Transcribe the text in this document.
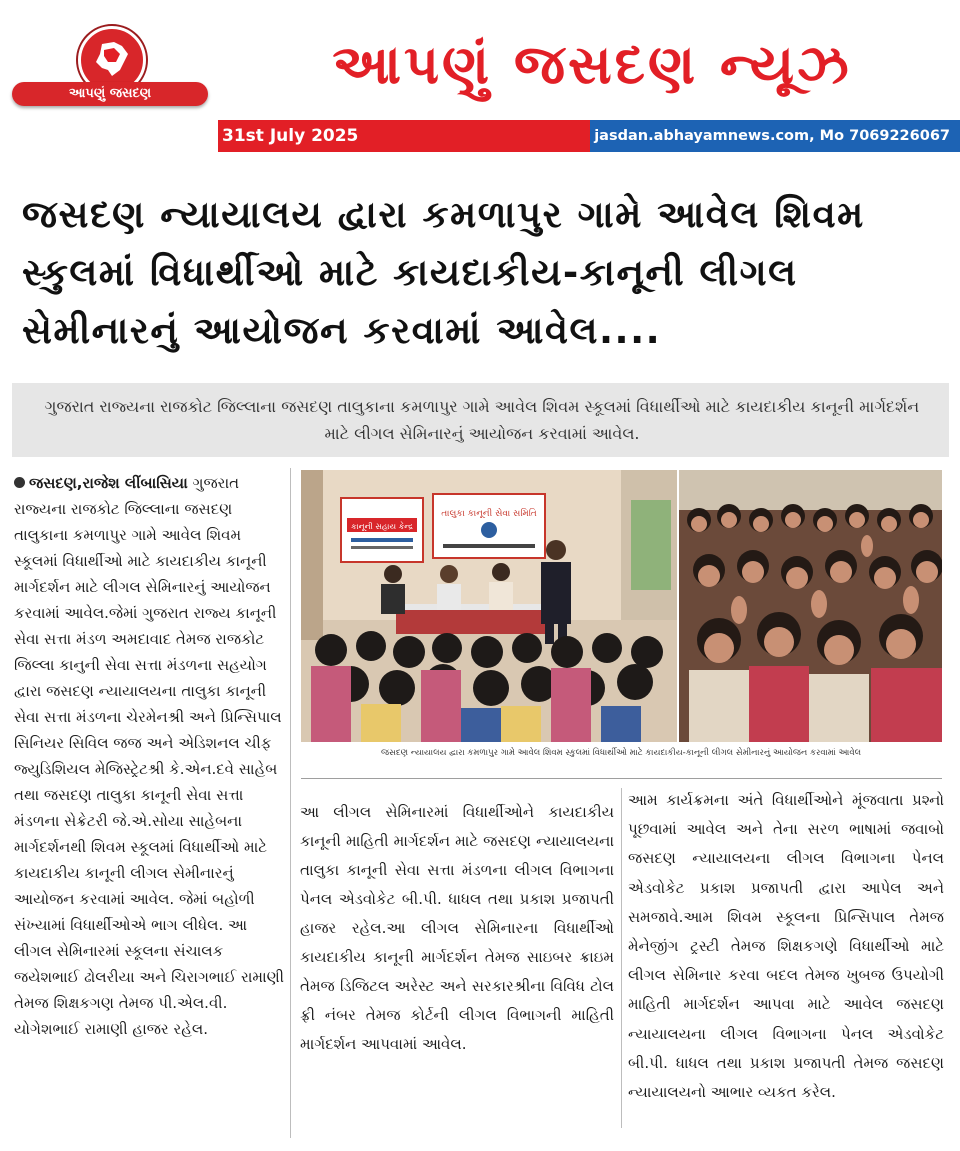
આપણું જસદણ	આપણું જસદણ ન્યૂઝ
31st July 2025	jasdan.abhayamnews.com, Mo 7069226067
જસદણ ન્યાયાલય દ્વારા કમળાપુર ગામે આવેલ શિવમ સ્કુલમાં વિધાર્થીઓ માટે કાયદાકીય-કાનૂની લીગલ સેમીનારનું આયોજન કરવામાં આવેલ....
ગુજરાત રાજ્યના રાજકોટ જિલ્લાના જસદણ તાલુકાના કમળાપુર ગામે આવેલ શિવમ સ્કૂલમાં વિધાર્થીઓ માટે કાયદાકીય કાનૂની માર્ગદર્શન માટે લીગલ સેમિનારનું આયોજન કરવામાં આવેલ.
જસદણ,રાજેશ લીંબાસિયા ગુજરાત રાજ્યના રાજકોટ જિલ્લાના જસદણ તાલુકાના કમળાપુર ગામે આવેલ શિવમ સ્કૂલમાં વિધાર્થીઓ માટે કાયદાકીય કાનૂની માર્ગદર્શન માટે લીગલ સેમિનારનું આયોજન કરવામાં આવેલ.જેમાં ગુજરાત રાજ્ય કાનૂની સેવા સત્તા મંડળ અમદાવાદ તેમજ રાજકોટ જિલ્લા કાનુની સેવા સત્તા મંડળના સહયોગ દ્વારા જસદણ ન્યાયાલયના તાલુકા કાનૂની સેવા સત્તા મંડળના ચેરમેનશ્રી અને પ્રિન્સિપાલ સિનિયર સિવિલ જજ અને એડિશનલ ચીફ જ્યુડિશિયલ મેજિસ્ટ્રેટશ્રી કે.એન.દવે સાહેબ તથા જસદણ તાલુકા કાનૂની સેવા સત્તા મંડળના સેક્રેટરી જે.એ.સોયા સાહેબના માર્ગદર્શનથી શિવમ સ્કૂલમાં વિધાર્થીઓ માટે કાયદાકીય કાનૂની લીગલ સેમીનારનું આયોજન કરવામાં આવેલ. જેમાં બહોળી સંખ્યામાં વિધાર્થીઓએ ભાગ લીધેલ. આ લીગલ સેમિનારમાં સ્કૂલના સંચાલક જયેશભાઈ ઢોલરીયા અને ચિરાગભાઈ રામાણી તેમજ શિક્ષકગણ તેમજ પી.એલ.વી. યોગેશભાઈ રામાણી હાજર રહેલ.
કાનૂની સહાય કેન્દ્ર
તાલુકા કાનૂની સેવા સમિતિ
જસદણ ન્યાયાલય દ્વારા કમળાપુર ગામે આવેલ શિવમ સ્કુલમાં વિધાર્થીઓ માટે કાયદાકીય-કાનૂની લીગલ સેમીનારનું આયોજન કરવામાં આવેલ
આ લીગલ સેમિનારમાં વિધાર્થીઓને કાયદાકીય કાનૂની માહિતી માર્ગદર્શન માટે જસદણ ન્યાયાલયના તાલુકા કાનૂની સેવા સત્તા મંડળના લીગલ વિભાગના પેનલ એડવોકેટ બી.પી. ધાધલ તથા પ્રકાશ પ્રજાપતી હાજર રહેલ.આ લીગલ સેમિનારના વિધાર્થીઓ કાયદાકીય કાનૂની માર્ગદર્શન તેમજ સાઇબર ક્રાઇમ તેમજ ડિજિટલ અરેસ્ટ અને સરકારશ્રીના વિવિધ ટોલ ફ્રી નંબર તેમજ કોર્ટની લીગલ વિભાગની માહિતી માર્ગદર્શન આપવામાં આવેલ.
આમ કાર્યક્રમના અંતે વિધાર્થીઓને મૂંજવાતા પ્રશ્નો પૂછવામાં આવેલ અને તેના સરળ ભાષામાં જવાબો જસદણ ન્યાયાલયના લીગલ વિભાગના પેનલ એડવોકેટ પ્રકાશ પ્રજાપતી દ્વારા આપેલ અને સમજાવે.આમ શિવમ સ્કૂલના પ્રિન્સિપાલ તેમજ મેનેજીંગ ટ્રસ્ટી તેમજ શિક્ષકગણે વિધાર્થીઓ માટે લીગલ સેમિનાર કરવા બદલ તેમજ ખુબજ ઉપયોગી માહિતી માર્ગદર્શન આપવા માટે આવેલ જસદણ ન્યાયાલયના લીગલ વિભાગના પેનલ એડવોકેટ બી.પી. ધાધલ તથા પ્રકાશ પ્રજાપતી તેમજ જસદણ ન્યાયાલયનો આભાર વ્યકત કરેલ.
